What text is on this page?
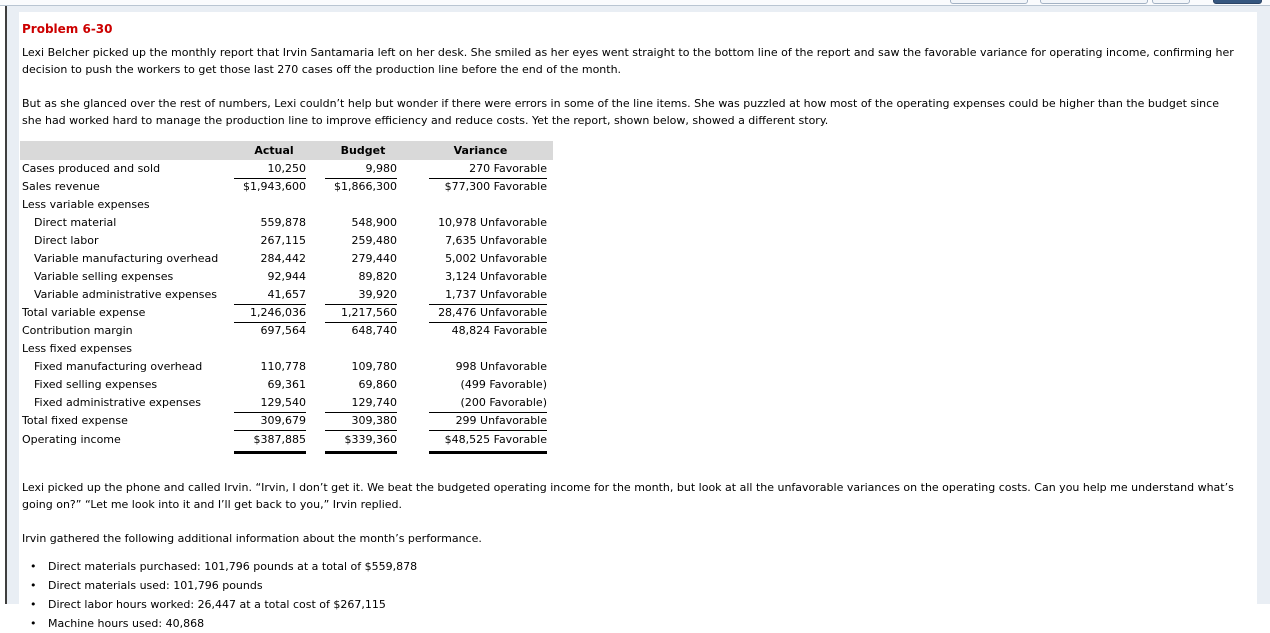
Problem 6-30

Lexi Belcher picked up the monthly report that Irvin Santamaria left on her desk. She smiled as her eyes went straight to the bottom line of the report and saw the favorable variance for operating income, confirming her decision to push the workers to get those last 270 cases off the production line before the end of the month.

But as she glanced over the rest of numbers, Lexi couldn’t help but wonder if there were errors in some of the line items. She was puzzled at how most of the operating expenses could be higher than the budget since she had worked hard to manage the production line to improve efficiency and reduce costs. Yet the report, shown below, showed a different story.

Actual	Budget	Variance
Cases produced and sold	10,250	9,980	270 Favorable
Sales revenue	$1,943,600	$1,866,300	$77,300 Favorable
Less variable expenses
Direct material	559,878	548,900	10,978 Unfavorable
Direct labor	267,115	259,480	7,635 Unfavorable
Variable manufacturing overhead	284,442	279,440	5,002 Unfavorable
Variable selling expenses	92,944	89,820	3,124 Unfavorable
Variable administrative expenses	41,657	39,920	1,737 Unfavorable
Total variable expense	1,246,036	1,217,560	28,476 Unfavorable
Contribution margin	697,564	648,740	48,824 Favorable
Less fixed expenses
Fixed manufacturing overhead	110,778	109,780	998 Unfavorable
Fixed selling expenses	69,361	69,860	(499 Favorable)
Fixed administrative expenses	129,540	129,740	(200 Favorable)
Total fixed expense	309,679	309,380	299 Unfavorable
Operating income	$387,885	$339,360	$48,525 Favorable

Lexi picked up the phone and called Irvin. “Irvin, I don’t get it. We beat the budgeted operating income for the month, but look at all the unfavorable variances on the operating costs. Can you help me understand what’s going on?” “Let me look into it and I’ll get back to you,” Irvin replied.

Irvin gathered the following additional information about the month’s performance.

• Direct materials purchased: 101,796 pounds at a total of $559,878
• Direct materials used: 101,796 pounds
• Direct labor hours worked: 26,447 at a total cost of $267,115
• Machine hours used: 40,868
